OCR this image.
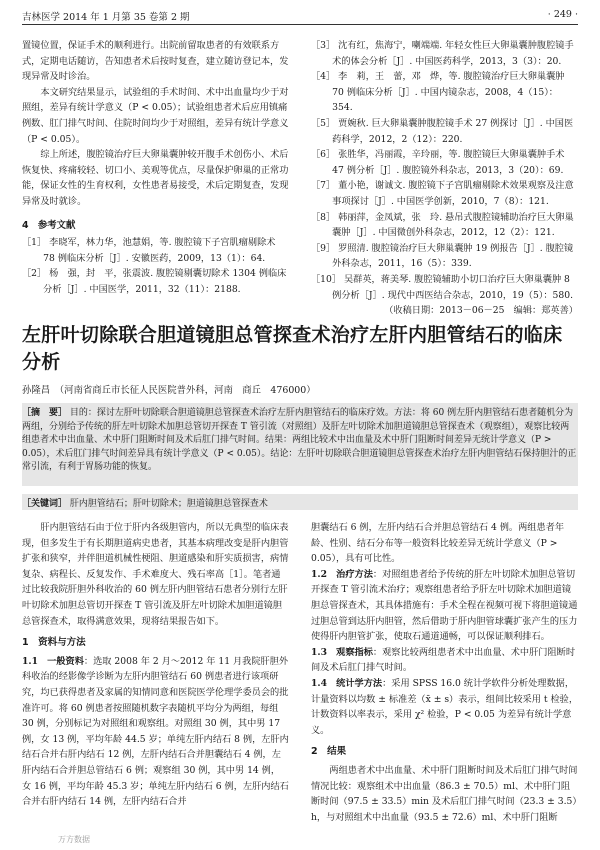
吉林医学 2014 年 1 月第 35 卷第 2 期	· 249 ·

置镜位置，保证手术的顺利进行。出院前留取患者的有效联系方式，定期电话随访，告知患者术后按时复查，建立随访登记本，发现异常及时诊治。

本文研究结果显示，试验组的手术时间、术中出血量均少于对照组，差异有统计学意义（P < 0.05）；试验组患者术后应用镇痛例数、肛门排气时间、住院时间均少于对照组，差异有统计学意义（P < 0.05）。

综上所述，腹腔镜治疗巨大卵巢囊肿较开腹手术创伤小、术后恢复快、疼痛较轻、切口小、美观等优点，尽量保护卵巢的正常功能，保证女性的生育权利，女性患者易接受，术后定期复查，发现异常及时就诊。

4　参考文献

［1］ 李晓军，林力华，池慧娟，等. 腹腔镜下子宫肌瘤剔除术 78 例临床分析［J］. 安徽医药，2009，13（1）：64.

［2］ 杨　强，封　平，张震波. 腹腔镜剔囊切除术 1304 例临床分析［J］. 中国医学，2011，32（11）：2188.

［3］ 沈有红，焦海宁，喇端端. 年轻女性巨大卵巢囊肿腹腔镜手术的体会分析［J］. 中国医药科学，2013，3（3）：20.

［4］ 李　莉，王　蕾，邓　烨，等. 腹腔镜治疗巨大卵巢囊肿 70 例临床分析［J］. 中国内镜杂志，2008，4（15）：354.

［5］ 贾婉秋. 巨大卵巢囊肿腹腔镜手术 27 例探讨［J］. 中国医药科学，2012，2（12）：220.

［6］ 张胜华，冯丽霞，辛玲丽，等. 腹腔镜巨大卵巢囊肿手术 47 例分析［J］. 腹腔镜外科杂志，2013，3（20）：69.

［7］ 董小艳，谢诚文. 腹腔镜下子宫肌瘤剔除术效果观察及注意事项探讨［J］. 中国医学创新，2010，7（8）：121.

［8］ 韩丽萍，金凤斌，张　玲. 悬吊式腹腔镜辅助治疗巨大卵巢囊肿［J］. 中国微创外科杂志，2012，12（2）：121.

［9］ 罗照清. 腹腔镜治疗巨大卵巢囊肿 19 例报告［J］. 腹腔镜外科杂志，2011，16（5）：339.

［10］ 吴群英，蒋美琴. 腹腔镜辅助小切口治疗巨大卵巢囊肿 8 例分析［J］. 现代中西医结合杂志，2010，19（5）：580.

（收稿日期：2013－06－25　编辑：郑英善）

左肝叶切除联合胆道镜胆总管探查术治疗左肝内胆管结石的临床分析
孙隆昌　（河南省商丘市长征人民医院普外科，河南　商丘　476000）
［摘　要］ 目的：探讨左肝叶切除联合胆道镜胆总管探查术治疗左肝内胆管结石的临床疗效。方法：将 60 例左肝内胆管结石患者随机分为两组，分别给予传统的肝左叶切除术加胆总管切开探查 T 管引流（对照组）及肝左叶切除术加胆道镜胆总管探查术（观察组），观察比较两组患者术中出血量、术中肝门阻断时间及术后肛门排气时间。结果：两组比较术中出血量及术中肝门阻断时间差异无统计学意义（P > 0.05），术后肛门排气时间差异具有统计学意义（P < 0.05）。结论：左肝叶切除联合胆道镜胆总管探查术治疗左肝内胆管结石保持胆汁的正常引流，有利于胃肠功能的恢复。
［关键词］ 肝内胆管结石；肝叶切除术；胆道镜胆总管探查术

肝内胆管结石由于位于肝内各级胆管内，所以无典型的临床表现，但多发生于有长期胆道病史患者，其基本病理改变是肝内胆管扩张和狭窄，并伴胆道机械性梗阻、胆道感染和肝实质损害，病情复杂、病程长、反复发作、手术难度大、残石率高［1］。笔者通过比较我院肝胆外科收治的 60 例左肝内胆管结石患者分别行左肝叶切除术加胆总管切开探查 T 管引流及肝左叶切除术加胆道镜胆总管探查术，取得满意效果，现将结果报告如下。

1　资料与方法

1.1　一般资料：选取 2008 年 2 月～2012 年 11 月我院肝胆外科收治的经影像学诊断为左肝内胆管结石 60 例患者进行该项研究，均已获得患者及家属的知情同意和医院医学伦理学委员会的批准许可。将 60 例患者按照随机数字表随机平均分为两组，每组 30 例，分别标记为对照组和观察组。对照组 30 例，其中男 17 例，女 13 例，平均年龄 44.5 岁；单纯左肝内结石 8 例，左肝内结石合并右肝内结石 12 例，左肝内结石合并胆囊结石 4 例，左肝内结石合并胆总管结石 6 例；观察组 30 例，其中男 14 例，女 16 例，平均年龄 45.3 岁；单纯左肝内结石 6 例，左肝内结石合并右肝内结石 14 例，左肝内结石合并

胆囊结石 6 例，左肝内结石合并胆总管结石 4 例。两组患者年龄、性别、结石分布等一般资料比较差异无统计学意义（P > 0.05），具有可比性。

1.2　治疗方法：对照组患者给予传统的肝左叶切除术加胆总管切开探查 T 管引流术治疗；观察组患者给予肝左叶切除术加胆道镜胆总管探查术，其具体措施有：手术全程在视频可视下将胆道镜通过胆总管到达肝内胆管，然后借助于肝内胆管球囊扩张产生的压力使得肝内胆管扩张，使取石通道通畅，可以保证顺利排石。

1.3　观察指标：观察比较两组患者术中出血量、术中肝门阻断时间及术后肛门排气时间。

1.4　统计学方法：采用 SPSS 16.0 统计学软件分析处理数据，计量资料以均数 ± 标准差（x̄ ± s）表示，组间比较采用 t 检验，计数资料以率表示，采用 χ² 检验，P < 0.05 为差异有统计学意义。

2　结果

两组患者术中出血量、术中肝门阻断时间及术后肛门排气时间情况比较：观察组术中出血量（86.3 ± 70.5）ml、术中肝门阻断时间（97.5 ± 33.5）min 及术后肛门排气时间（23.3 ± 3.5）h，与对照组术中出血量（93.5 ± 72.6）ml、术中肝门阻断

万方数据
